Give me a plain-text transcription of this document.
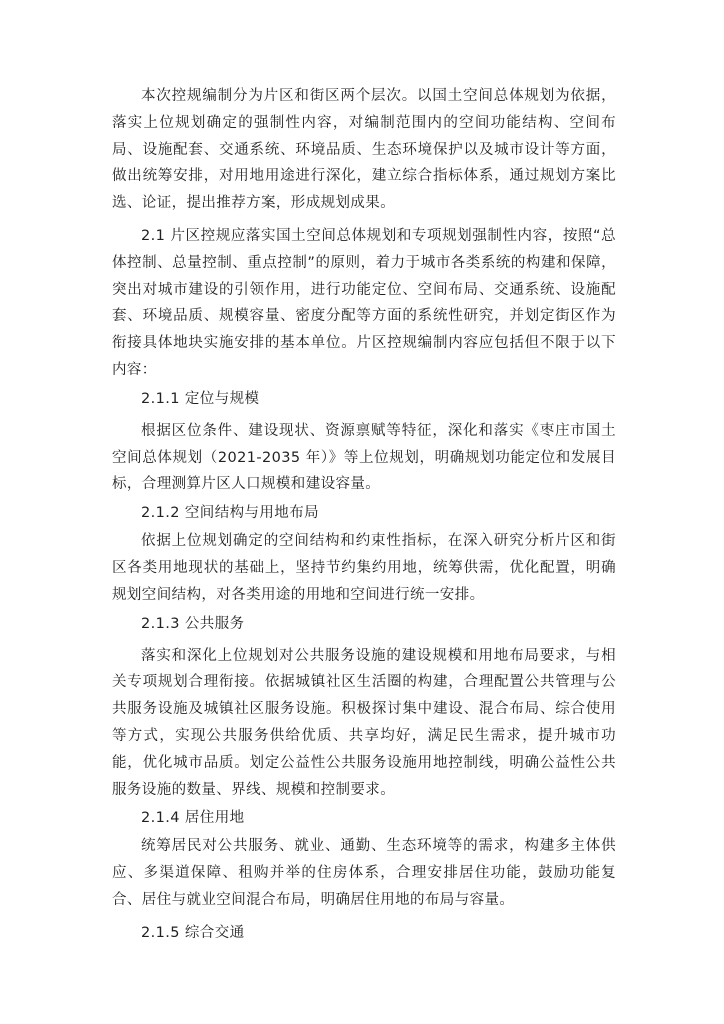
本次控规编制分为片区和街区两个层次。以国土空间总体规划为依据，落实上位规划确定的强制性内容，对编制范围内的空间功能结构、空间布局、设施配套、交通系统、环境品质、生态环境保护以及城市设计等方面，做出统筹安排，对用地用途进行深化，建立综合指标体系，通过规划方案比选、论证，提出推荐方案，形成规划成果。

2.1 片区控规应落实国土空间总体规划和专项规划强制性内容，按照“总体控制、总量控制、重点控制”的原则，着力于城市各类系统的构建和保障，突出对城市建设的引领作用，进行功能定位、空间布局、交通系统、设施配套、环境品质、规模容量、密度分配等方面的系统性研究，并划定街区作为衔接具体地块实施安排的基本单位。片区控规编制内容应包括但不限于以下内容：

2.1.1 定位与规模

根据区位条件、建设现状、资源禀赋等特征，深化和落实《枣庄市国土空间总体规划（2021-2035 年）》等上位规划，明确规划功能定位和发展目标，合理测算片区人口规模和建设容量。

2.1.2 空间结构与用地布局

依据上位规划确定的空间结构和约束性指标，在深入研究分析片区和街区各类用地现状的基础上，坚持节约集约用地，统筹供需，优化配置，明确规划空间结构，对各类用途的用地和空间进行统一安排。

2.1.3 公共服务

落实和深化上位规划对公共服务设施的建设规模和用地布局要求，与相关专项规划合理衔接。依据城镇社区生活圈的构建，合理配置公共管理与公共服务设施及城镇社区服务设施。积极探讨集中建设、混合布局、综合使用等方式，实现公共服务供给优质、共享均好，满足民生需求，提升城市功能，优化城市品质。划定公益性公共服务设施用地控制线，明确公益性公共服务设施的数量、界线、规模和控制要求。

2.1.4 居住用地

统筹居民对公共服务、就业、通勤、生态环境等的需求，构建多主体供应、多渠道保障、租购并举的住房体系，合理安排居住功能，鼓励功能复合、居住与就业空间混合布局，明确居住用地的布局与容量。

2.1.5 综合交通
